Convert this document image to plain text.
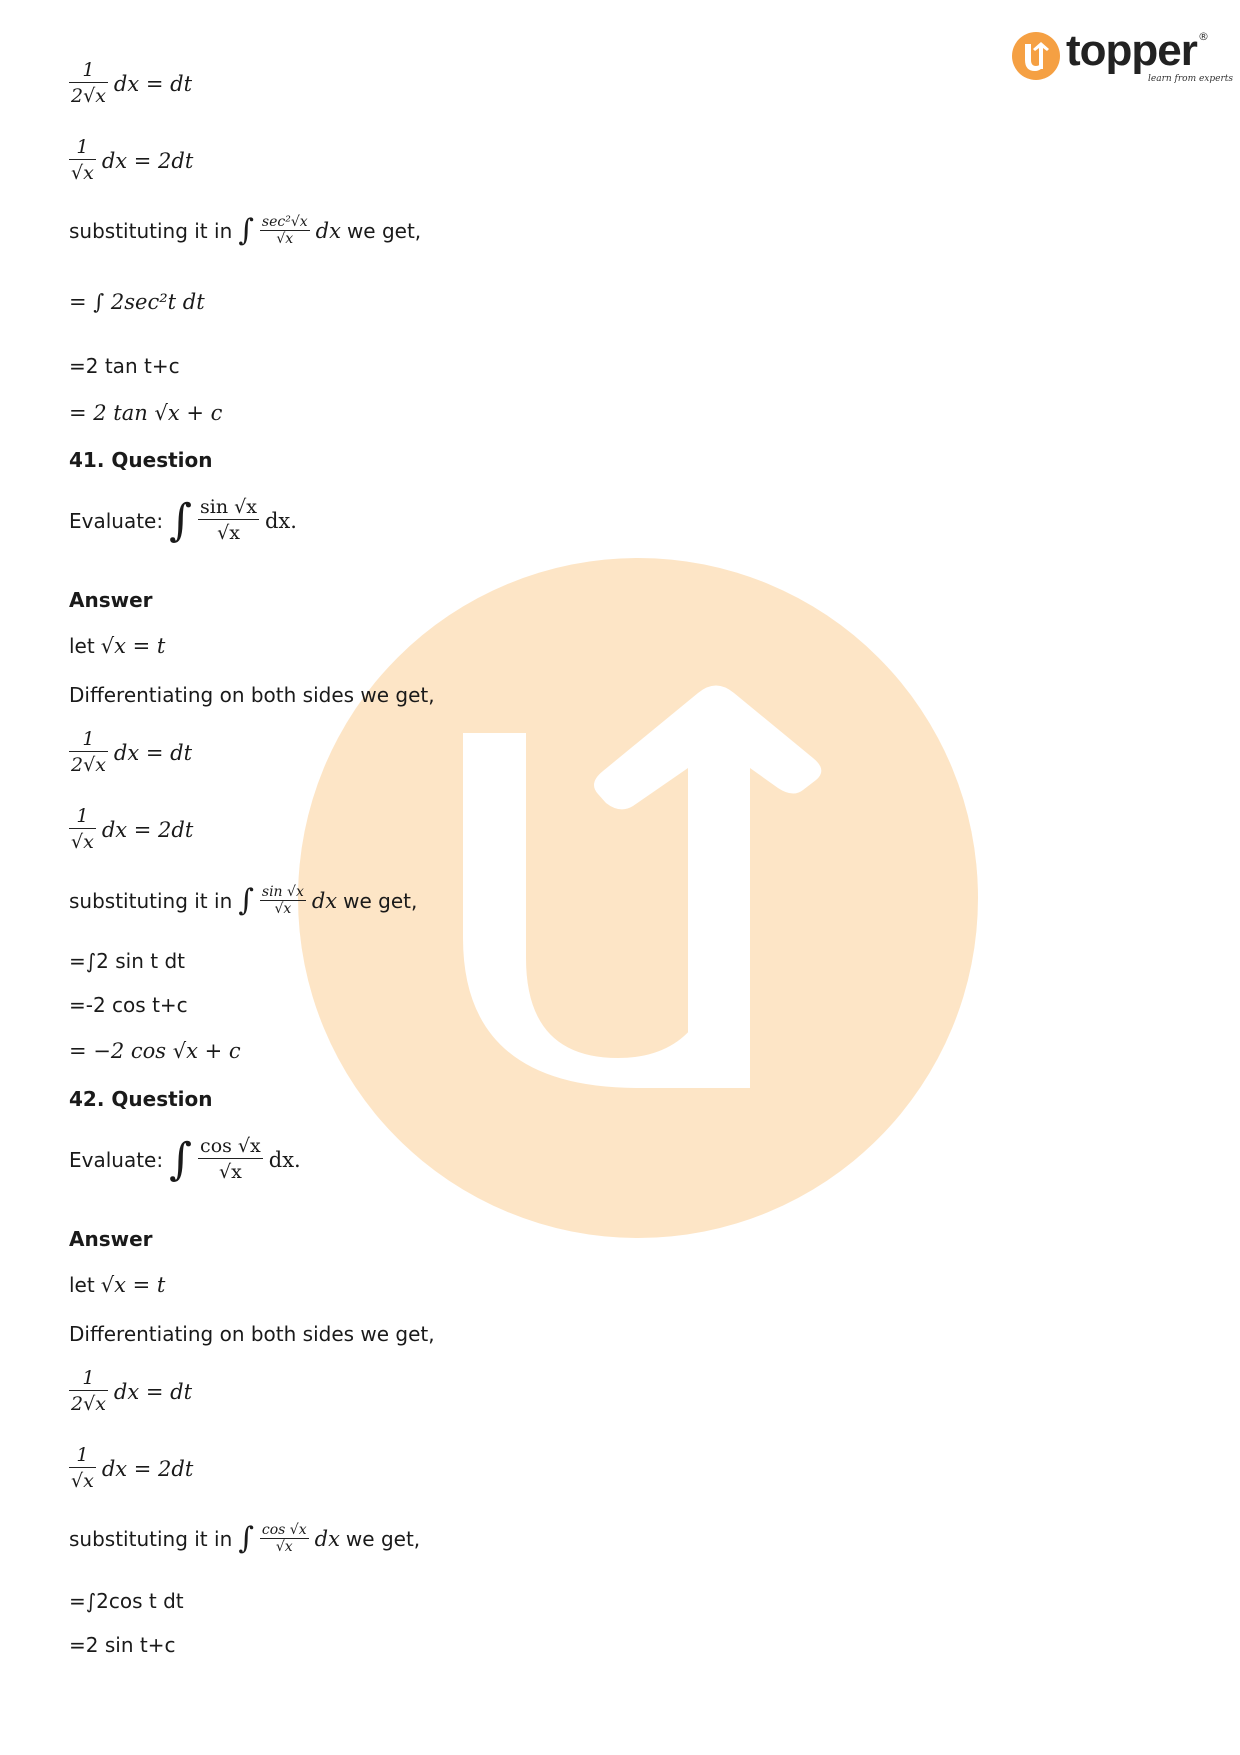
topper ®
learn from experts
$\frac{1}{2√x}$ dx = dt
$\frac{1}{√x}$ dx = 2dt
substituting it in ∫ $\frac{\text{sec²√x}}{√x}$ dx we get,
= ∫ 2sec²t dt
=2 tan t+c
= 2 tan √x + c
41. Question
Evaluate: ∫ $\frac{\sin √x}{√x}$ dx.
Answer
let √x = t
Differentiating on both sides we get,
$\frac{1}{2√x}$ dx = dt
$\frac{1}{√x}$ dx = 2dt
substituting it in ∫ $\frac{\sin √x}{√x}$ dx we get,
=∫2 sin t dt
=-2 cos t+c
= −2 cos √x + c
42. Question
Evaluate: ∫ $\frac{\cos √x}{√x}$ dx.
Answer
let √x = t
Differentiating on both sides we get,
$\frac{1}{2√x}$ dx = dt
$\frac{1}{√x}$ dx = 2dt
substituting it in ∫ $\frac{\cos √x}{√x}$ dx we get,
=∫2cos t dt
=2 sin t+c
